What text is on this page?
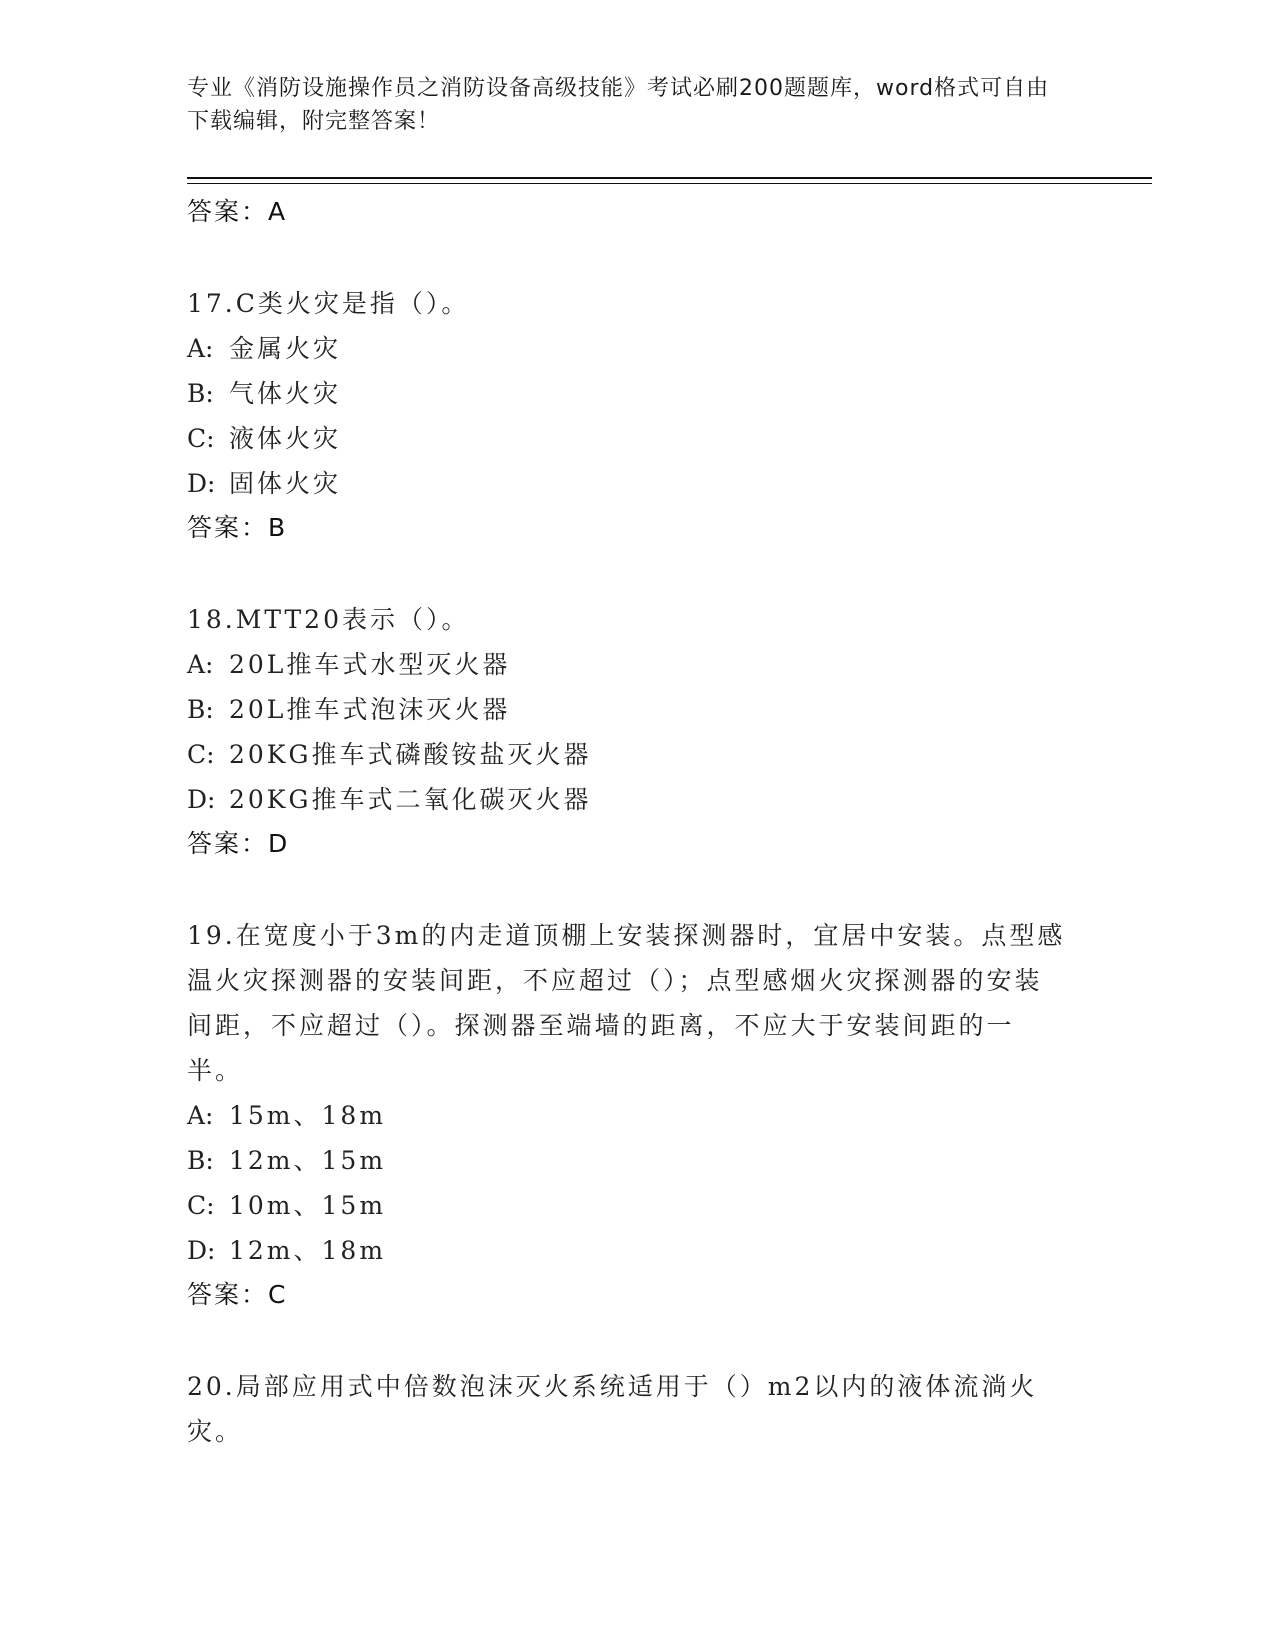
专业《消防设施操作员之消防设备高级技能》考试必刷200题题库，word格式可自由下载编辑，附完整答案！
答案：A
17.C类火灾是指（）。
A: 金属火灾
B: 气体火灾
C: 液体火灾
D: 固体火灾
答案：B
18.MTT20表示（）。
A: 20L推车式水型灭火器
B: 20L推车式泡沫灭火器
C: 20KG推车式磷酸铵盐灭火器
D: 20KG推车式二氧化碳灭火器
答案：D
19.在宽度小于3m的内走道顶棚上安装探测器时，宜居中安装。点型感温火灾探测器的安装间距，不应超过（）；点型感烟火灾探测器的安装间距，不应超过（）。探测器至端墙的距离，不应大于安装间距的一半。
A: 15m、18m
B: 12m、15m
C: 10m、15m
D: 12m、18m
答案：C
20.局部应用式中倍数泡沫灭火系统适用于（）m2以内的液体流淌火灾。
